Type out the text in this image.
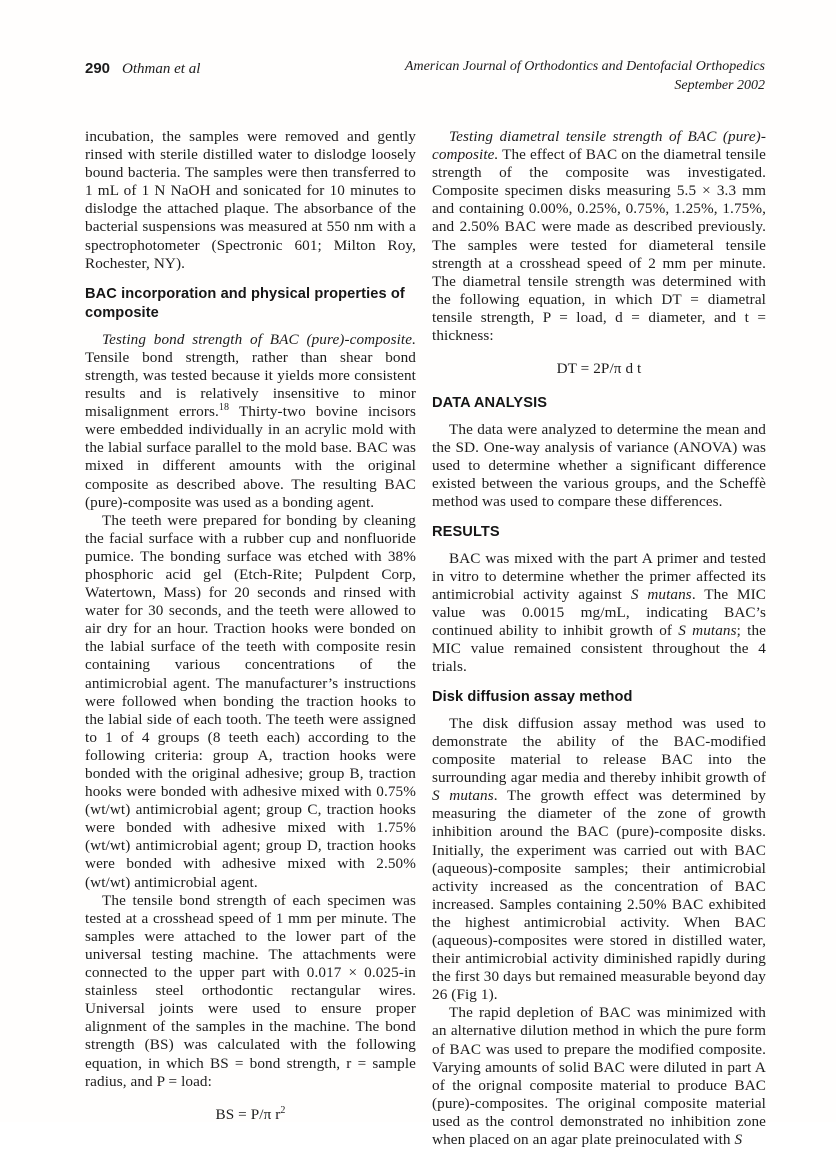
290 Othman et al	American Journal of Orthodontics and Dentofacial Orthopedics
September 2002

incubation, the samples were removed and gently rinsed with sterile distilled water to dislodge loosely bound bacteria. The samples were then transferred to 1 mL of 1 N NaOH and sonicated for 10 minutes to dislodge the attached plaque. The absorbance of the bacterial suspensions was measured at 550 nm with a spectrophotometer (Spectronic 601; Milton Roy, Rochester, NY).

BAC incorporation and physical properties of composite

Testing bond strength of BAC (pure)-composite. Tensile bond strength, rather than shear bond strength, was tested because it yields more consistent results and is relatively insensitive to minor misalignment errors.$^{18}$ Thirty-two bovine incisors were embedded individually in an acrylic mold with the labial surface parallel to the mold base. BAC was mixed in different amounts with the original composite as described above. The resulting BAC (pure)-composite was used as a bonding agent.

The teeth were prepared for bonding by cleaning the facial surface with a rubber cup and nonfluoride pumice. The bonding surface was etched with 38% phosphoric acid gel (Etch-Rite; Pulpdent Corp, Watertown, Mass) for 20 seconds and rinsed with water for 30 seconds, and the teeth were allowed to air dry for an hour. Traction hooks were bonded on the labial surface of the teeth with composite resin containing various concentrations of the antimicrobial agent. The manufacturer’s instructions were followed when bonding the traction hooks to the labial side of each tooth. The teeth were assigned to 1 of 4 groups (8 teeth each) according to the following criteria: group A, traction hooks were bonded with the original adhesive; group B, traction hooks were bonded with adhesive mixed with 0.75% (wt/wt) antimicrobial agent; group C, traction hooks were bonded with adhesive mixed with 1.75% (wt/wt) antimicrobial agent; group D, traction hooks were bonded with adhesive mixed with 2.50% (wt/wt) antimicrobial agent.

The tensile bond strength of each specimen was tested at a crosshead speed of 1 mm per minute. The samples were attached to the lower part of the universal testing machine. The attachments were connected to the upper part with 0.017 × 0.025-in stainless steel orthodontic rectangular wires. Universal joints were used to ensure proper alignment of the samples in the machine. The bond strength (BS) was calculated with the following equation, in which BS = bond strength, r = sample radius, and P = load:

BS = P/π $r^2$

Testing diametral tensile strength of BAC (pure)-composite. The effect of BAC on the diametral tensile strength of the composite was investigated. Composite specimen disks measuring 5.5 × 3.3 mm and containing 0.00%, 0.25%, 0.75%, 1.25%, 1.75%, and 2.50% BAC were made as described previously. The samples were tested for diameteral tensile strength at a crosshead speed of 2 mm per minute. The diametral tensile strength was determined with the following equation, in which DT = diametral tensile strength, P = load, d = diameter, and t = thickness:

DT = 2P/π d t
DATA ANALYSIS

The data were analyzed to determine the mean and the SD. One-way analysis of variance (ANOVA) was used to determine whether a significant difference existed between the various groups, and the Scheffè method was used to compare these differences.

RESULTS

BAC was mixed with the part A primer and tested in vitro to determine whether the primer affected its antimicrobial activity against S mutans. The MIC value was 0.0015 mg/mL, indicating BAC’s continued ability to inhibit growth of S mutans; the MIC value remained consistent throughout the 4 trials.

Disk diffusion assay method

The disk diffusion assay method was used to demonstrate the ability of the BAC-modified composite material to release BAC into the surrounding agar media and thereby inhibit growth of S mutans. The growth effect was determined by measuring the diameter of the zone of growth inhibition around the BAC (pure)-composite disks. Initially, the experiment was carried out with BAC (aqueous)-composite samples; their antimicrobial activity increased as the concentration of BAC increased. Samples containing 2.50% BAC exhibited the highest antimicrobial activity. When BAC (aqueous)-composites were stored in distilled water, their antimicrobial activity diminished rapidly during the first 30 days but remained measurable beyond day 26 (Fig 1).

The rapid depletion of BAC was minimized with an alternative dilution method in which the pure form of BAC was used to prepare the modified composite. Varying amounts of solid BAC were diluted in part A of the orignal composite material to produce BAC (pure)-composites. The original composite material used as the control demonstrated no inhibition zone when placed on an agar plate preinoculated with S
